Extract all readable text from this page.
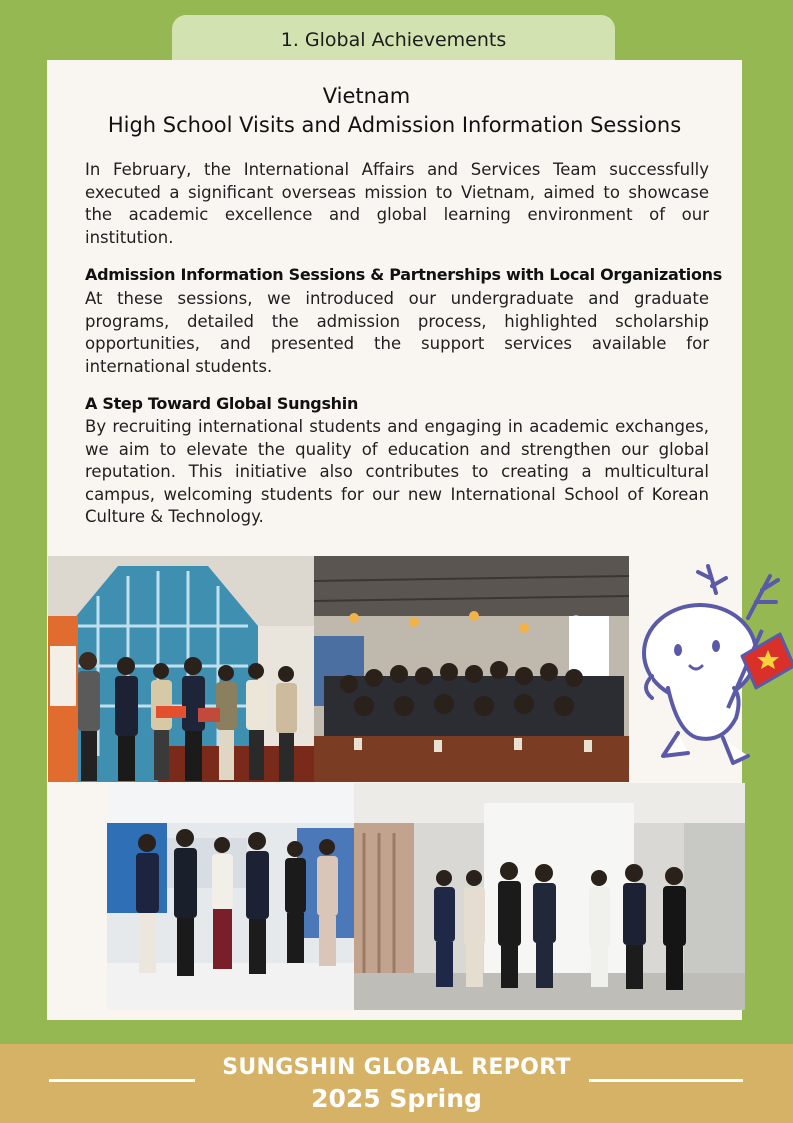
1. Global Achievements
Vietnam
High School Visits and Admission Information Sessions

In February, the International Affairs and Services Team successfully executed a significant overseas mission to Vietnam, aimed to showcase the academic excellence and global learning environment of our institution.

Admission Information Sessions & Partnerships with Local Organizations

At these sessions, we introduced our undergraduate and graduate programs, detailed the admission process, highlighted scholarship opportunities, and presented the support services available for international students.

A Step Toward Global Sungshin

By recruiting international students and engaging in academic exchanges, we aim to elevate the quality of education and strengthen our global reputation. This initiative also contributes to creating a multicultural campus, welcoming students for our new International School of Korean Culture & Technology.

SUNGSHIN GLOBAL REPORT
2025 Spring
